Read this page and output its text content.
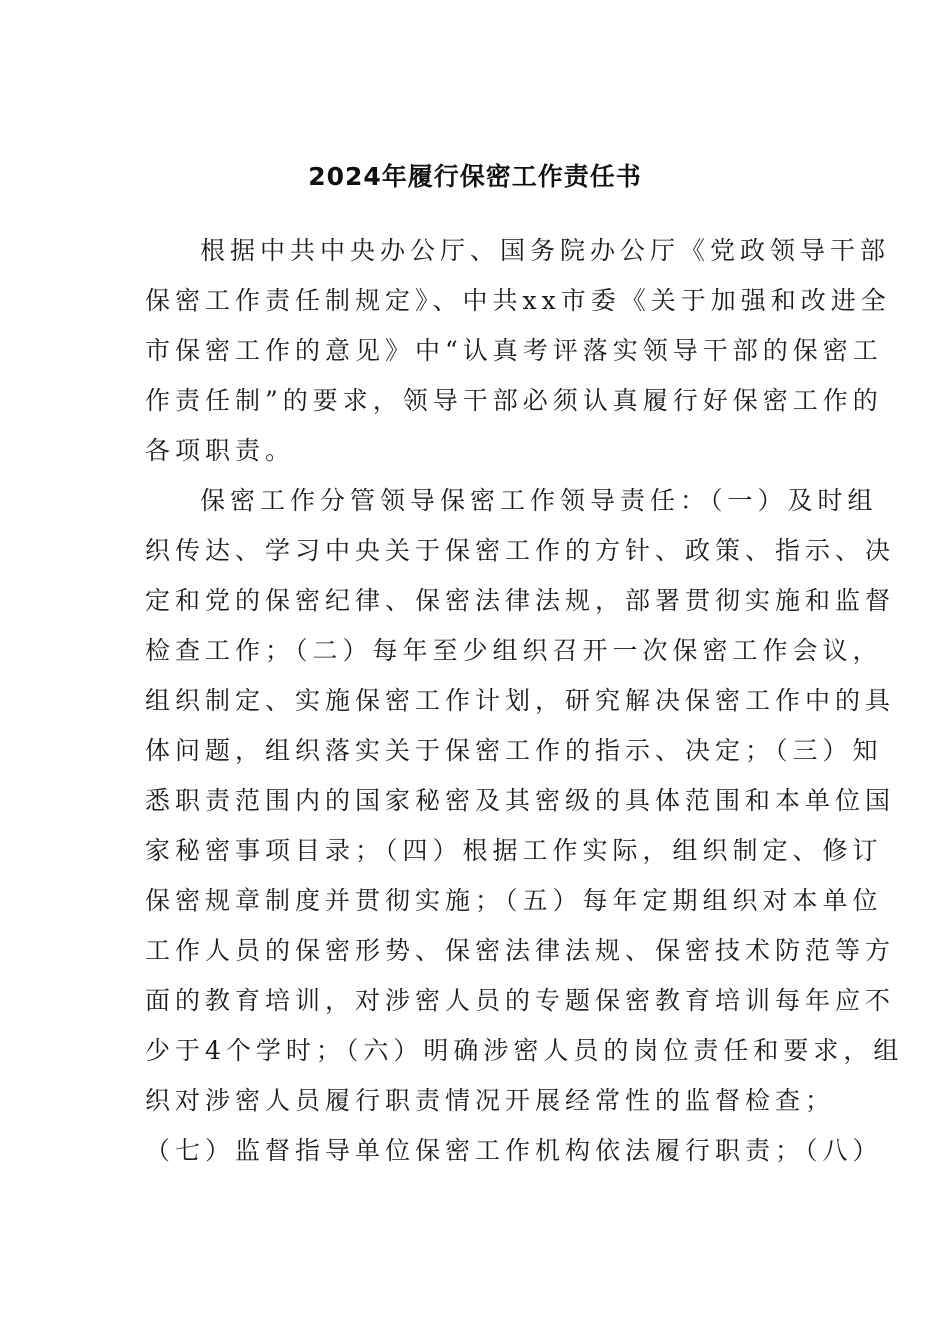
2024年履行保密工作责任书
根据中共中央办公厅、国务院办公厅《党政领导干部
保密工作责任制规定》、中共xx市委《关于加强和改进全
市保密工作的意见》中“认真考评落实领导干部的保密工
作责任制”的要求，领导干部必须认真履行好保密工作的
各项职责。
保密工作分管领导保密工作领导责任：（一）及时组
织传达、学习中央关于保密工作的方针、政策、指示、决
定和党的保密纪律、保密法律法规，部署贯彻实施和监督
检查工作；（二）每年至少组织召开一次保密工作会议，
组织制定、实施保密工作计划，研究解决保密工作中的具
体问题，组织落实关于保密工作的指示、决定；（三）知
悉职责范围内的国家秘密及其密级的具体范围和本单位国
家秘密事项目录；（四）根据工作实际，组织制定、修订
保密规章制度并贯彻实施；（五）每年定期组织对本单位
工作人员的保密形势、保密法律法规、保密技术防范等方
面的教育培训，对涉密人员的专题保密教育培训每年应不
少于4个学时；（六）明确涉密人员的岗位责任和要求，组
织对涉密人员履行职责情况开展经常性的监督检查；
（七）监督指导单位保密工作机构依法履行职责；（八）
